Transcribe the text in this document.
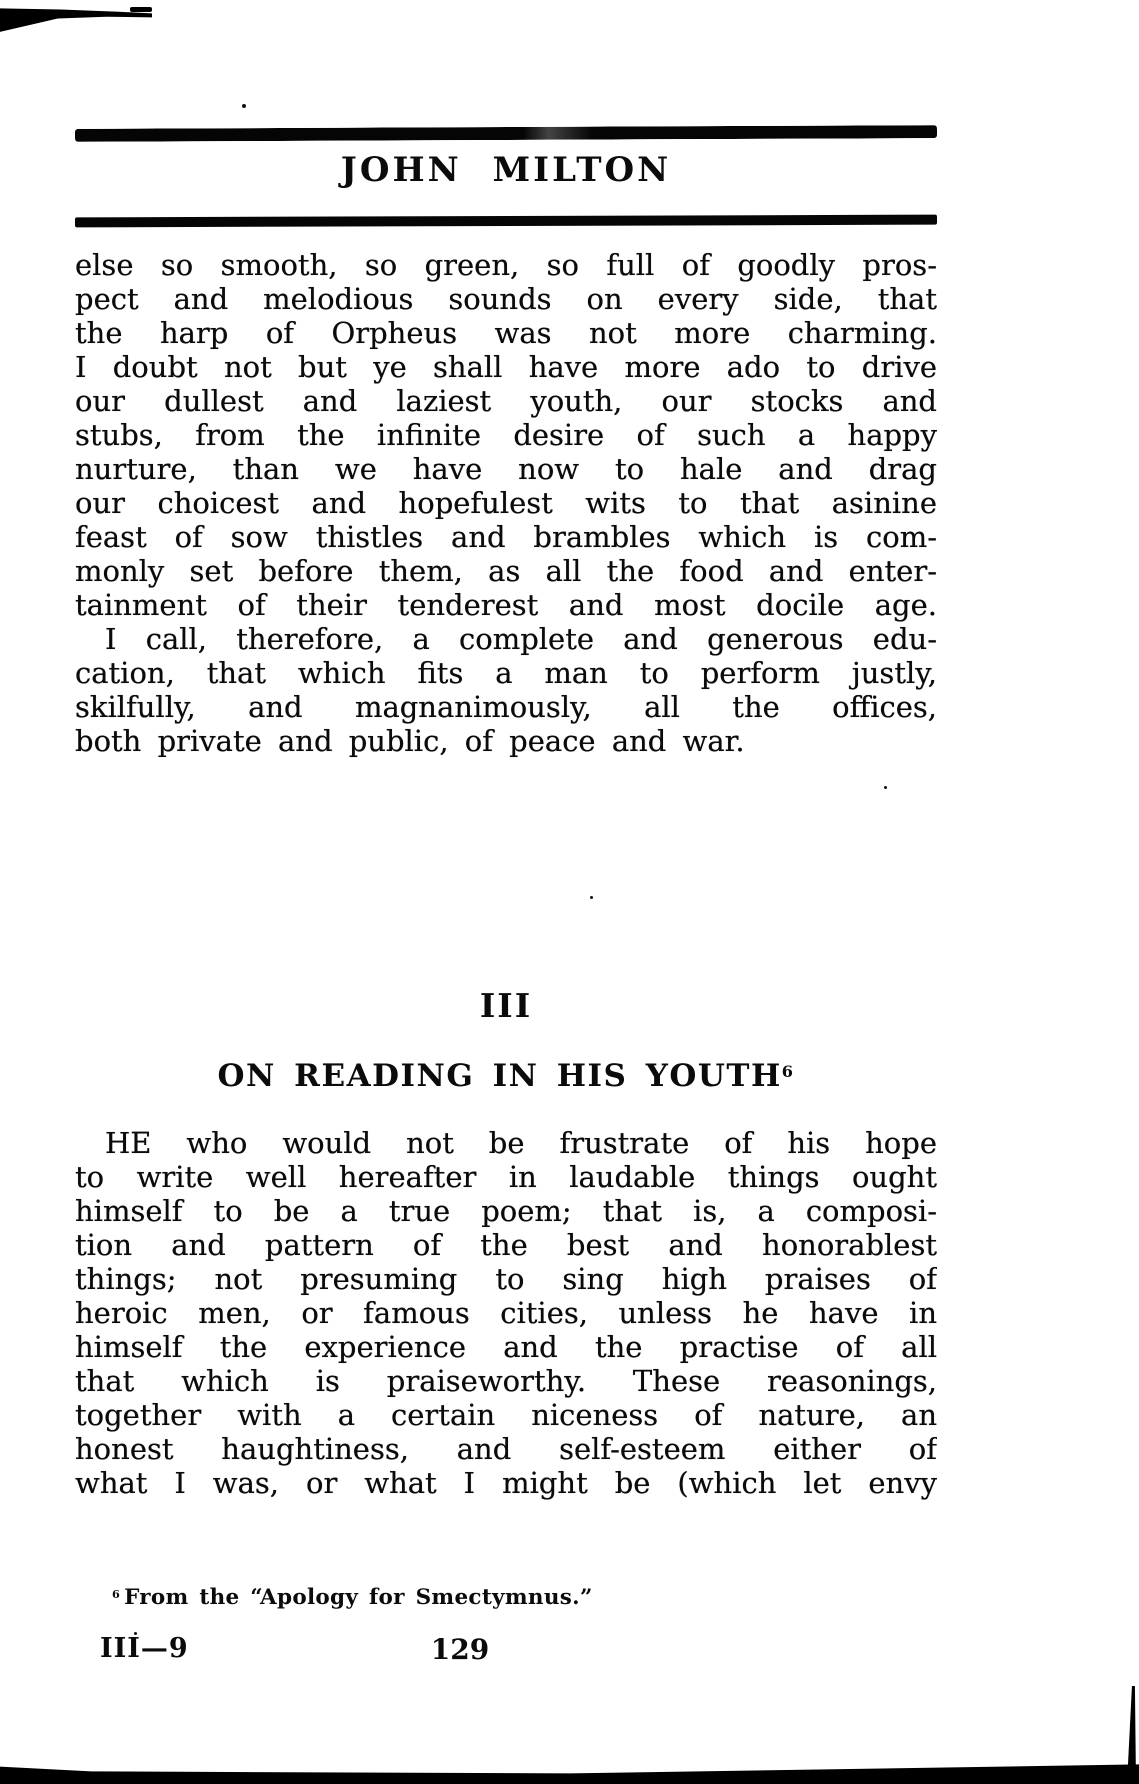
JOHN MILTON
else so smooth, so green, so full of goodly pros-
pect and melodious sounds on every side, that
the harp of Orpheus was not more charming.
I doubt not but ye shall have more ado to drive
our dullest and laziest youth, our stocks and
stubs, from the infinite desire of such a happy
nurture, than we have now to hale and drag
our choicest and hopefulest wits to that asinine
feast of sow thistles and brambles which is com-
monly set before them, as all the food and enter-
tainment of their tenderest and most docile age.
I call, therefore, a complete and generous edu-
cation, that which fits a man to perform justly,
skilfully, and magnanimously, all the offices,
both private and public, of peace and war.
III
ON READING IN HIS YOUTH$^6$
HE who would not be frustrate of his hope
to write well hereafter in laudable things ought
himself to be a true poem; that is, a composi-
tion and pattern of the best and honorablest
things; not presuming to sing high praises of
heroic men, or famous cities, unless he have in
himself the experience and the practise of all
that which is praiseworthy. These reasonings,
together with a certain niceness of nature, an
honest haughtiness, and self-esteem either of
what I was, or what I might be (which let envy
$^6$ From the “Apology for Smectymnus.”
III—9	129
